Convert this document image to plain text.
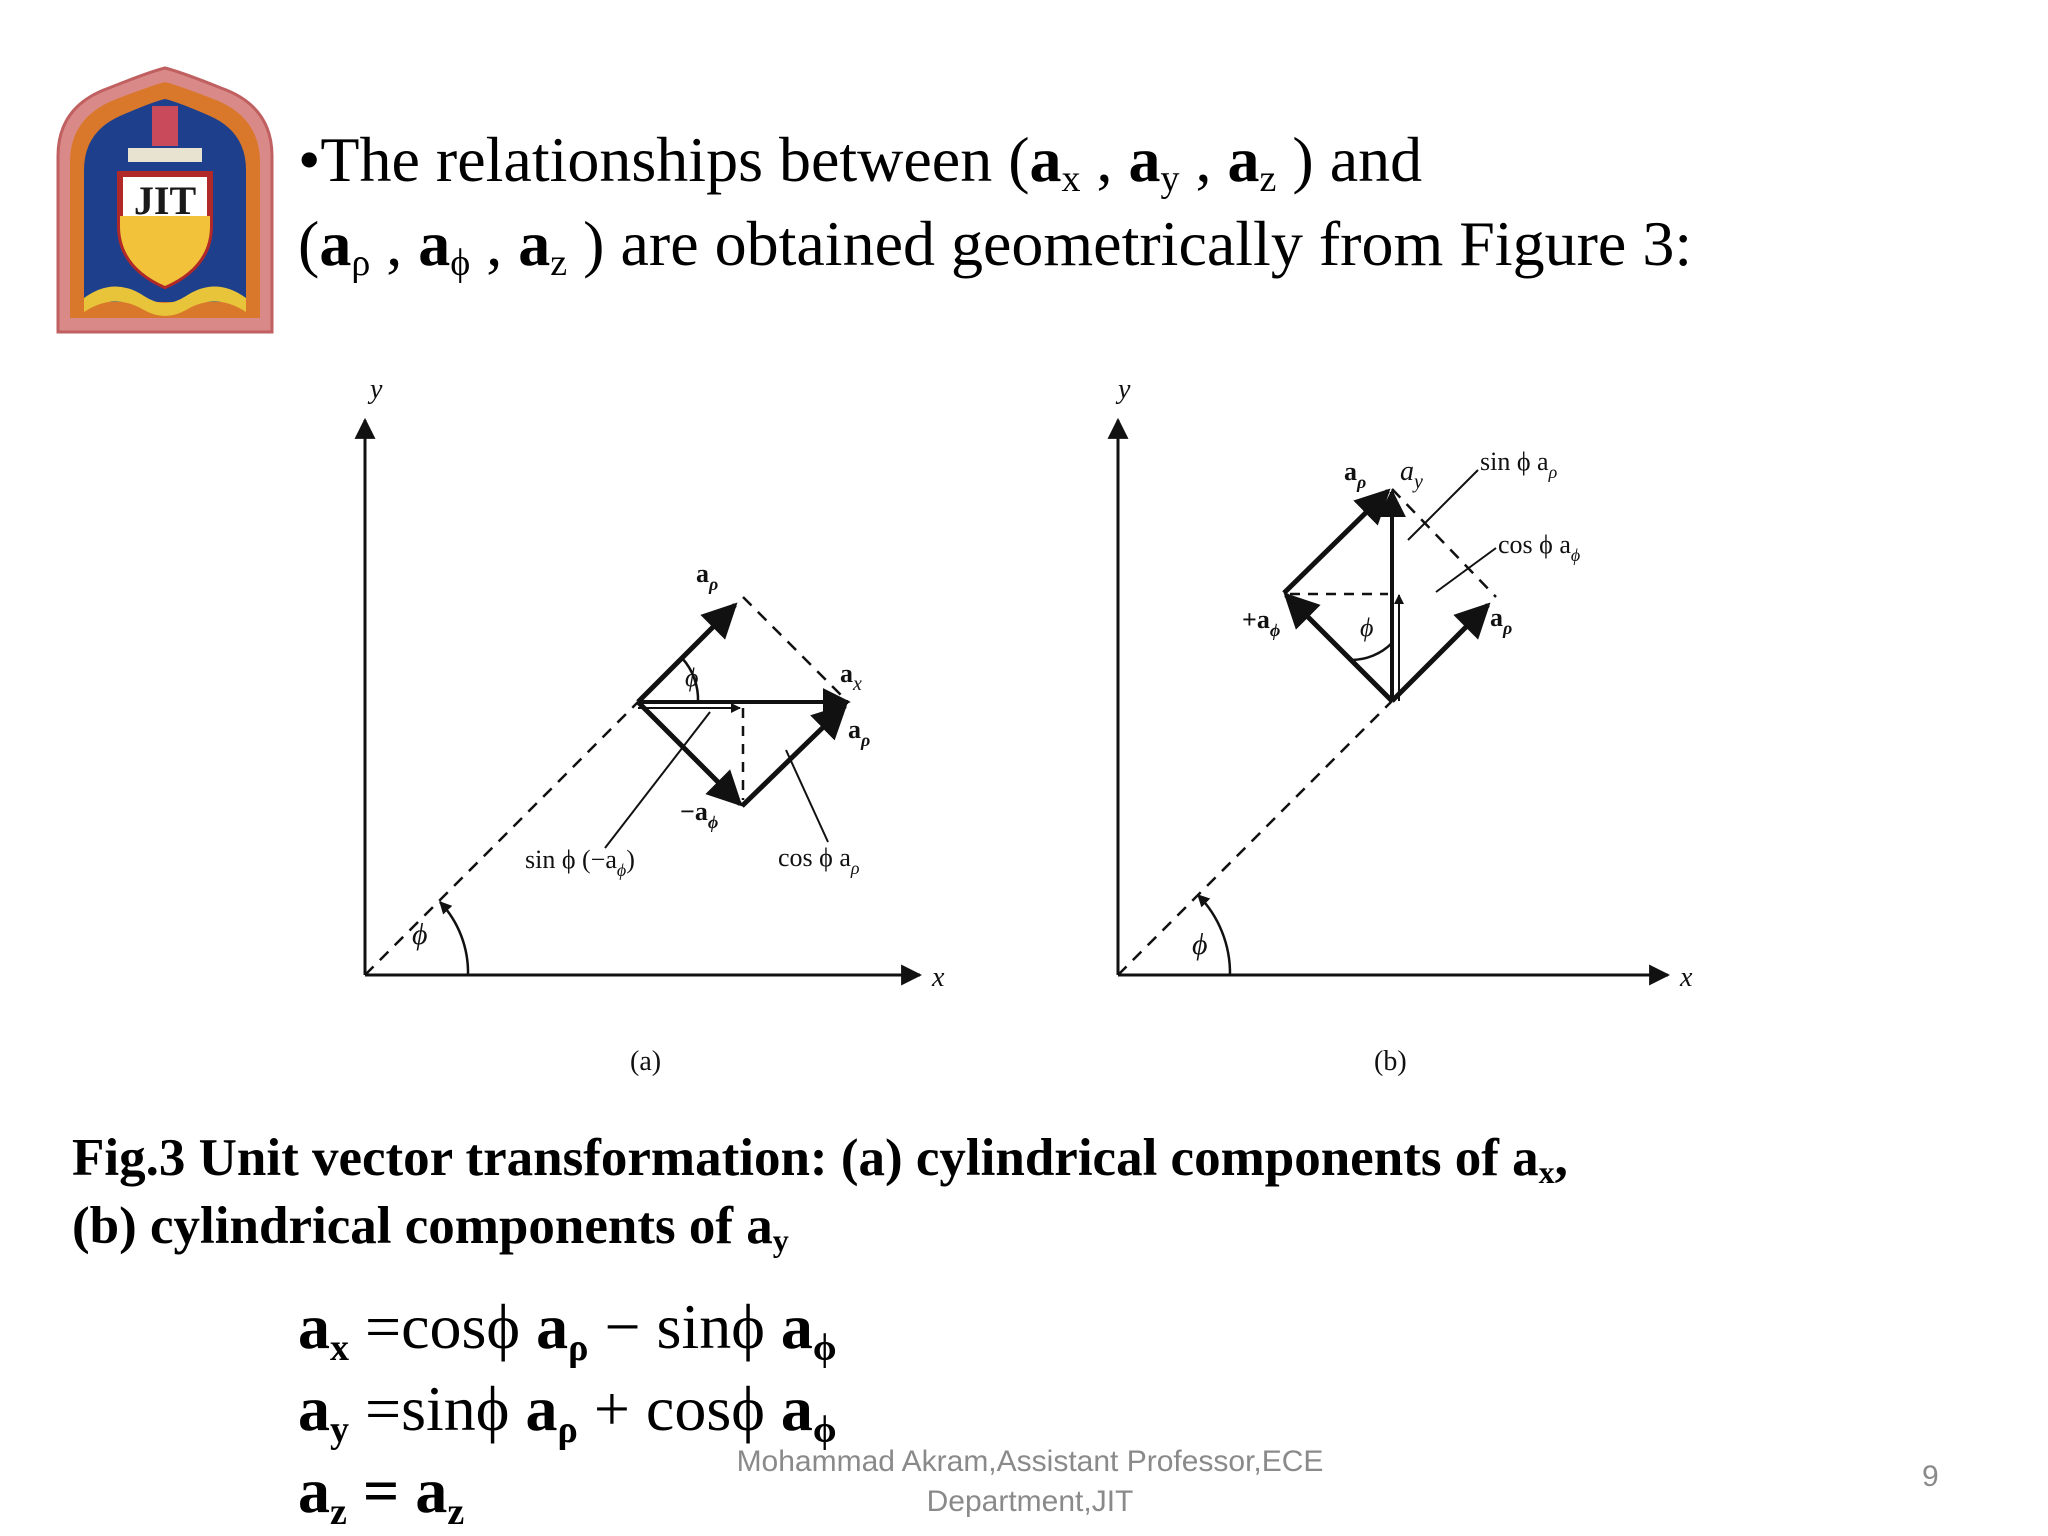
JIT
•The relationships between ($a_x$ , $a_y$ , $a_z$ ) and
($a_\rho$ , $a_\phi$ , $a_z$ ) are obtained geometrically from Figure 3:
x
y
ϕ
ϕ
$a_\rho$
$a_x$
$a_\rho$
$-a_\phi$
sin ϕ $(-a_\phi)$	cos ϕ $a_\rho$
(a)
x
y
ϕ
ϕ
$a_\rho$ $a_y$
sin ϕ $a_\rho$
cos ϕ $a_\phi$
$+a_\phi$	$a_\rho$
(b)
Fig.3 Unit vector transformation: (a) cylindrical components of $a_x$,
(b) cylindrical components of $a_y$
$a_x =\cos\phi$ $a_\rho - \sin\phi$ $a_\phi$
$a_y =\sin\phi$ $a_\rho + \cos\phi$ $a_\phi$
$a_z = a_z$
Mohammad Akram,Assistant Professor,ECE
Department,JIT
9
